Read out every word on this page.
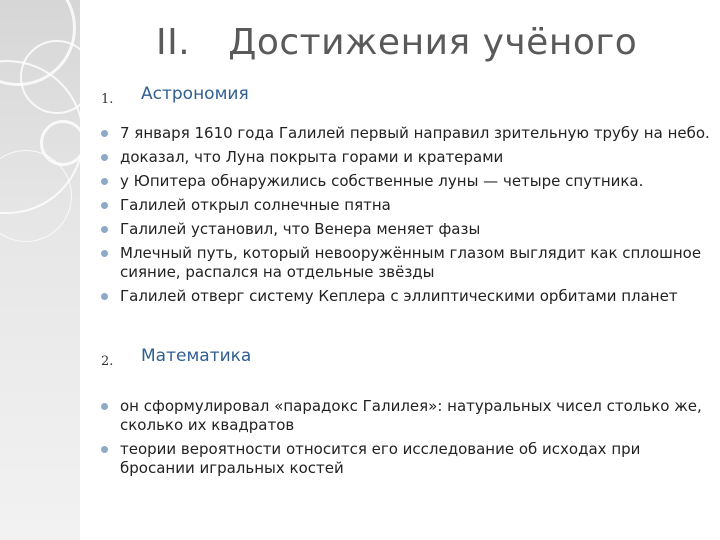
II. Достижения учёного
1. Астрономия
7 января 1610 года Галилей первый направил зрительную трубу на небо.
доказал, что Луна покрыта горами и кратерами
у Юпитера обнаружились собственные луны — четыре спутника.
Галилей открыл солнечные пятна
Галилей установил, что Венера меняет фазы
Млечный путь, который невооружённым глазом выглядит как сплошное сияние, распался на отдельные звёзды
Галилей отверг систему Кеплера с эллиптическими орбитами планет
2. Математика
он сформулировал «парадокс Галилея»: натуральных чисел столько же, сколько их квадратов
теории вероятности относится его исследование об исходах при бросании игральных костей
